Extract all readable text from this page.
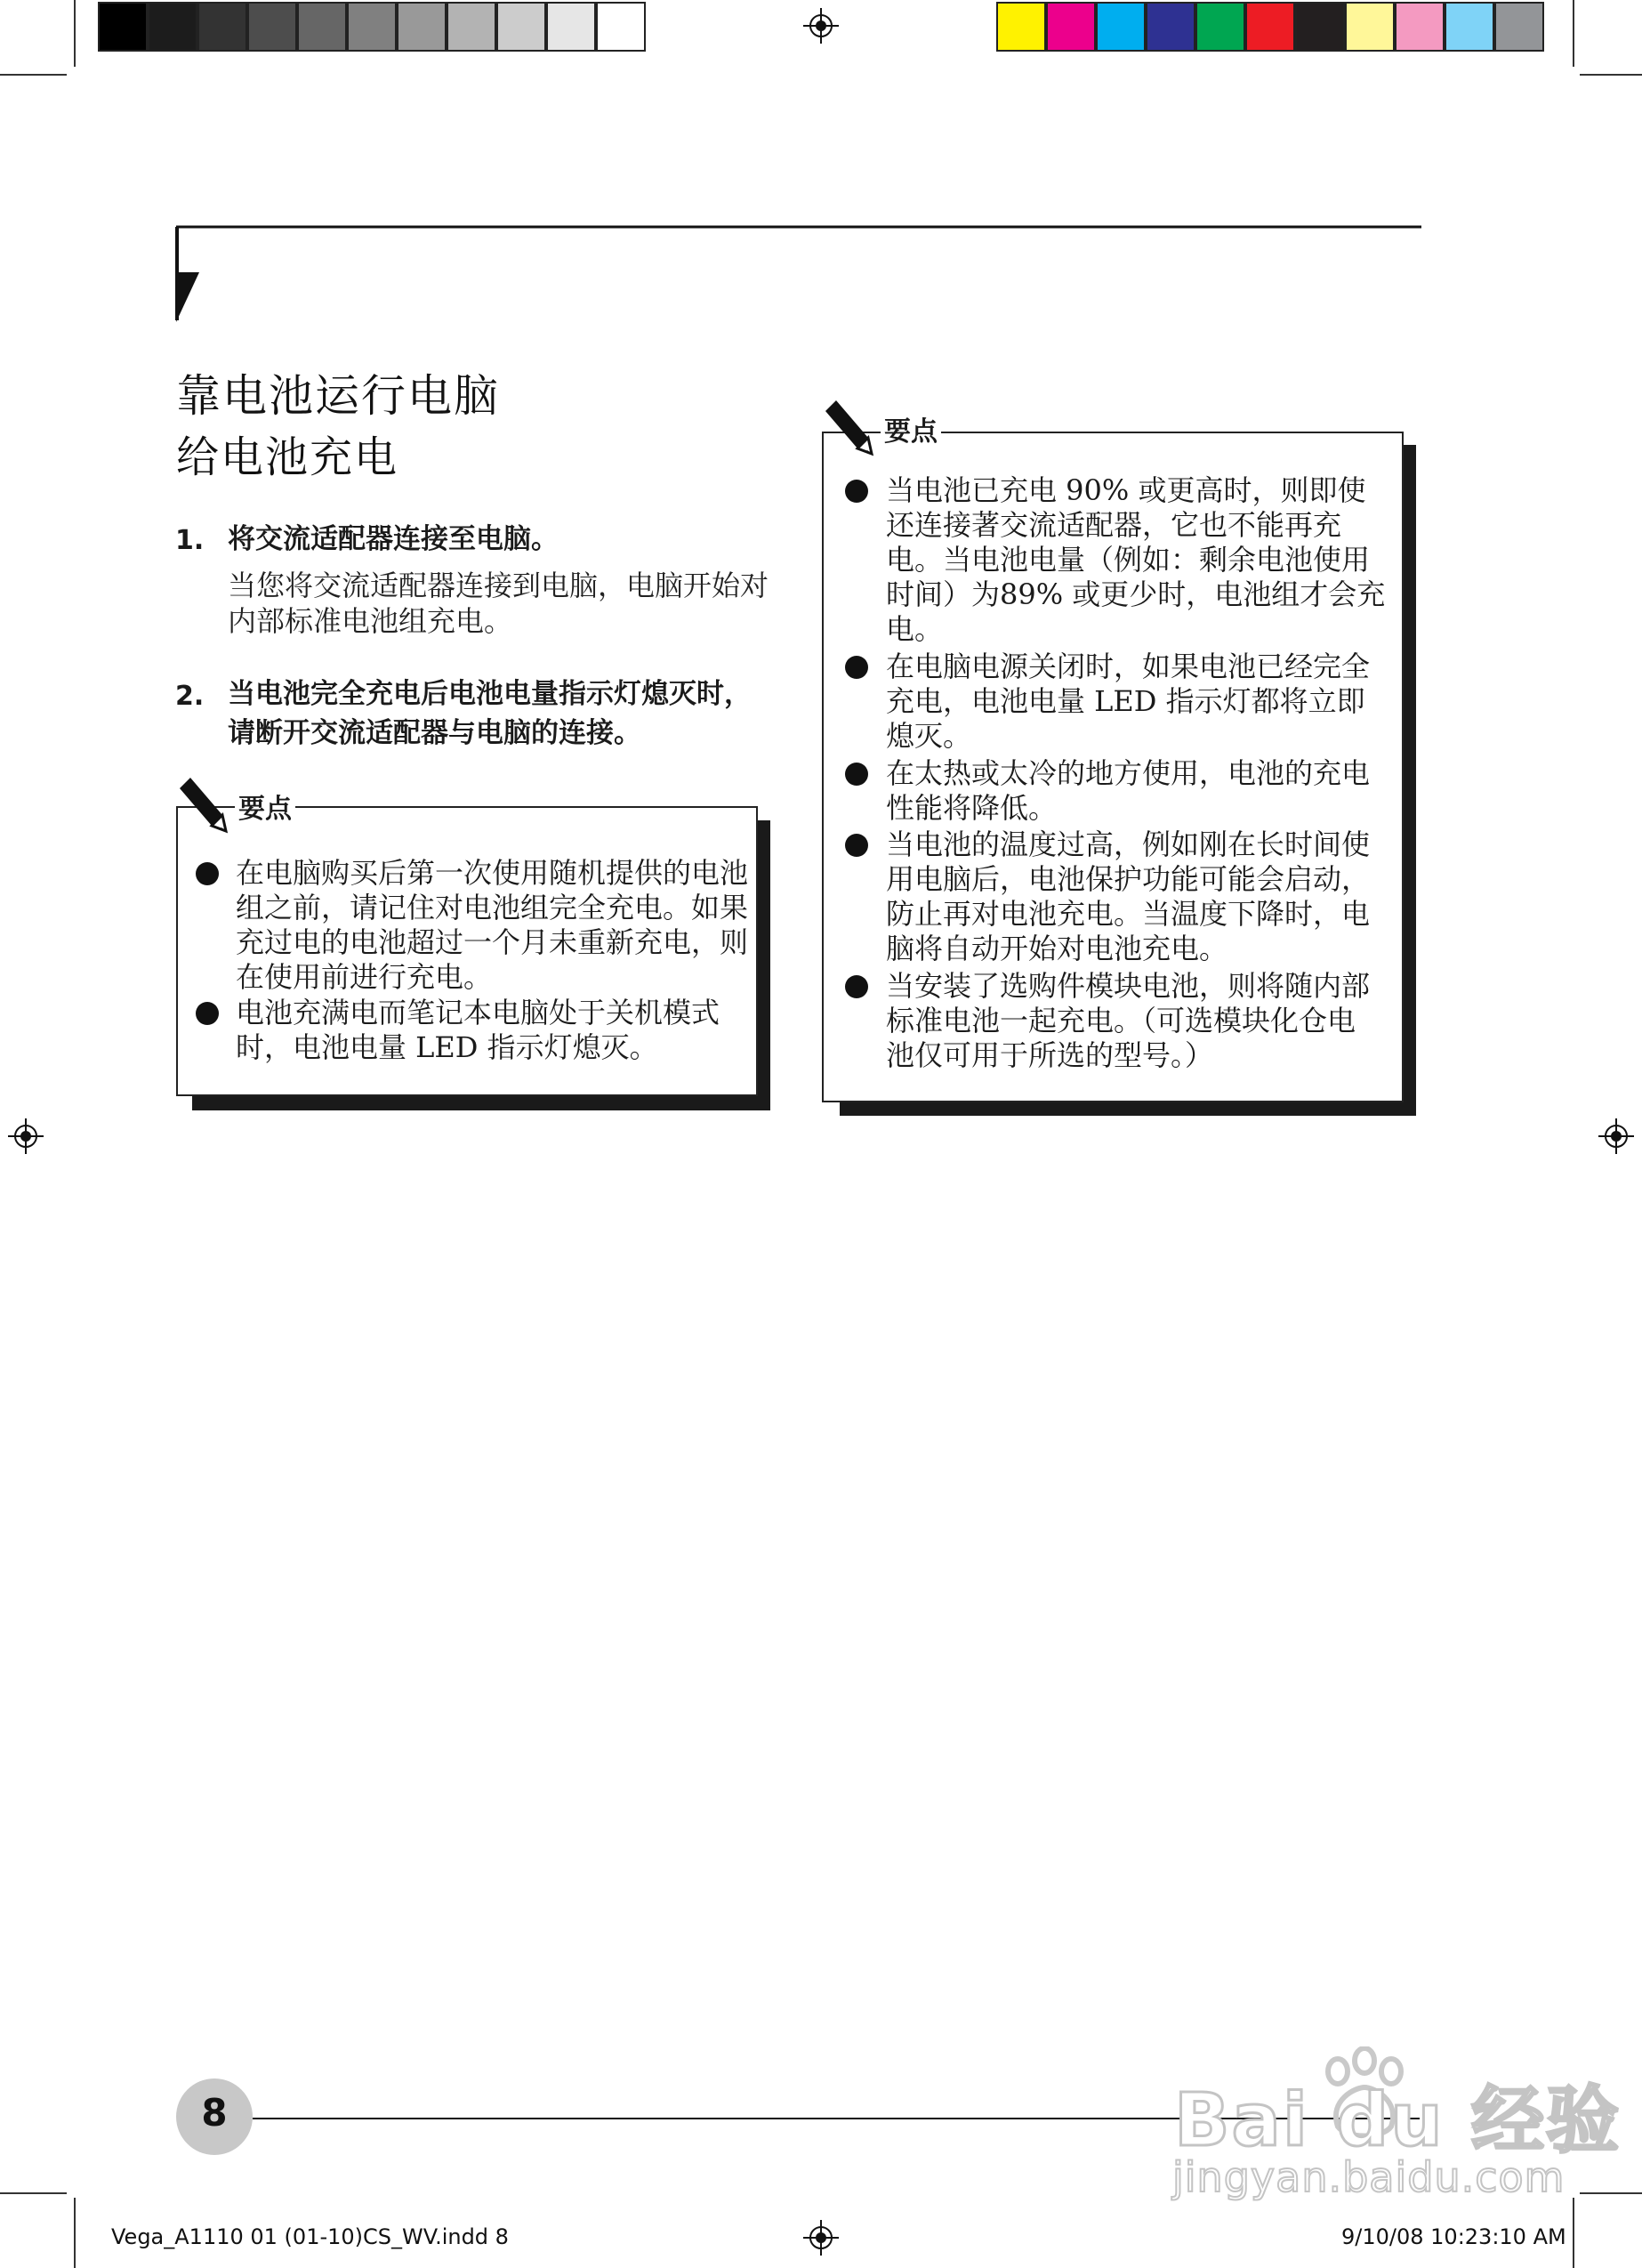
靠电池运行电脑
给电池充电
1. 将交流适配器连接至电脑。
当您将交流适配器连接到电脑，电脑开始对
内部标准电池组充电。
2. 当电池完全充电后电池电量指示灯熄灭时，
请断开交流适配器与电脑的连接。
要点
在电脑购买后第一次使用随机提供的电池
组之前，请记住对电池组完全充电。如果
充过电的电池超过一个月未重新充电，则
在使用前进行充电。
电池充满电而笔记本电脑处于关机模式
时，电池电量 LED 指示灯熄灭。
要点
当电池已充电 90% 或更高时，则即使
还连接著交流适配器，它也不能再充
电。当电池电量（例如：剩余电池使用
时间）为89% 或更少时，电池组才会充
电。
在电脑电源关闭时，如果电池已经完全
充电，电池电量 LED 指示灯都将立即
熄灭。
在太热或太冷的地方使用，电池的充电
性能将降低。
当电池的温度过高，例如刚在长时间使
用电脑后，电池保护功能可能会启动，
防止再对电池充电。当温度下降时，电
脑将自动开始对电池充电。
当安装了选购件模块电池，则将随内部
标准电池一起充电。（可选模块化仓电
池仅可用于所选的型号。）
8	Bai du 经验
jingyan.baidu.com
Vega_A1110 01 (01-10)CS_WV.indd 8	9/10/08 10:23:10 AM
